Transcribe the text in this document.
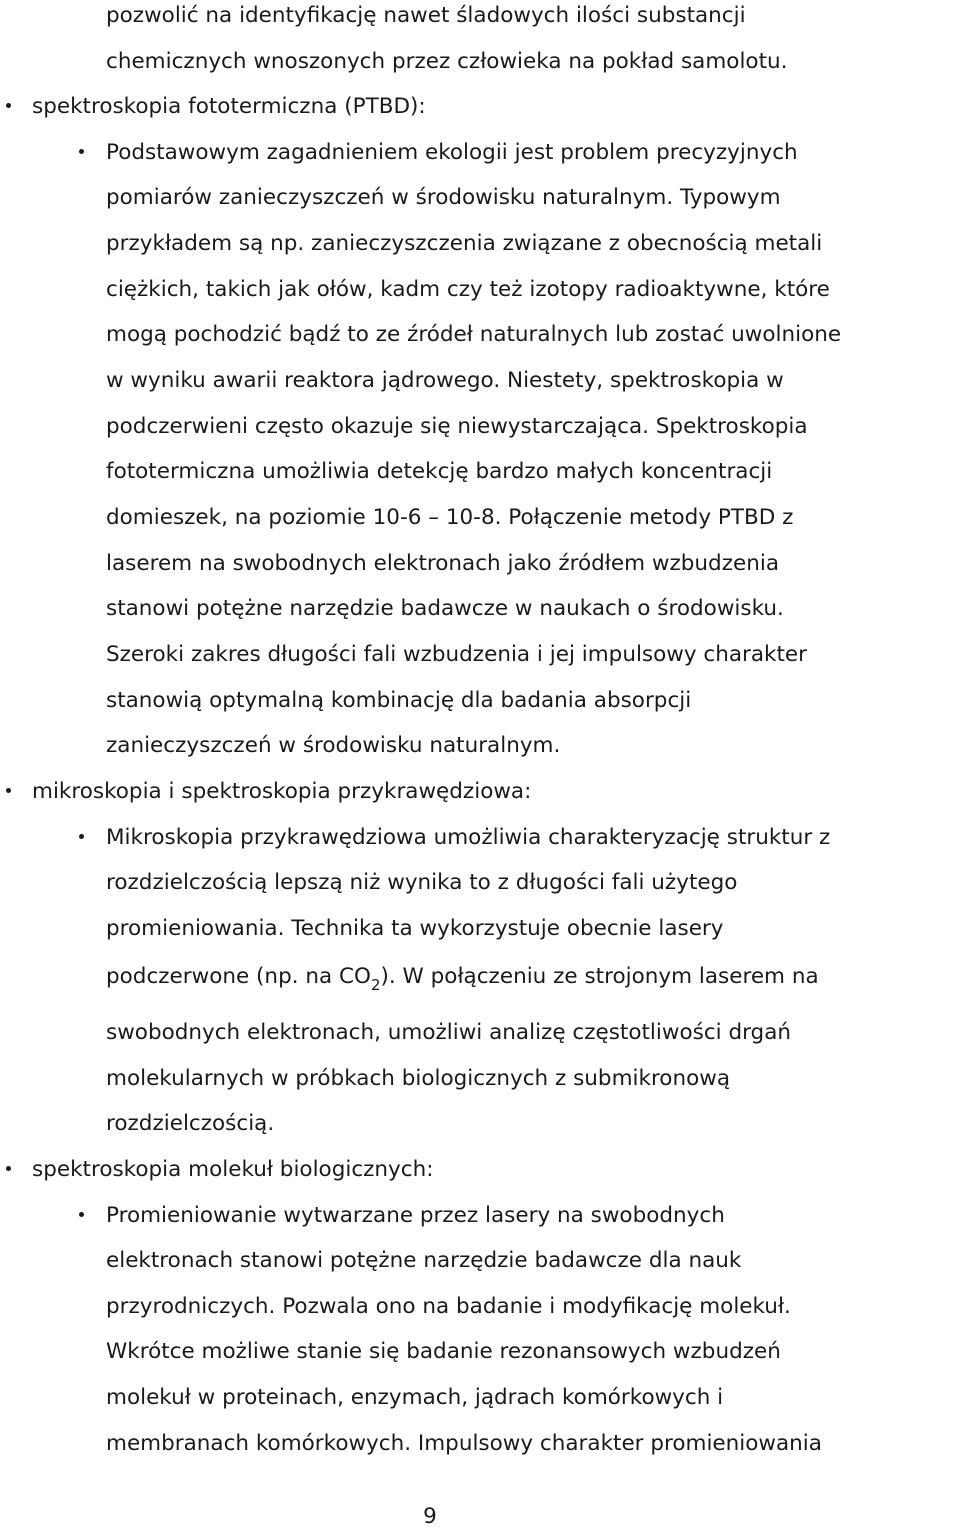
pozwolić na identyfikację nawet śladowych ilości substancji
chemicznych wnoszonych przez człowieka na pokład samolotu.
spektroskopia fototermiczna (PTBD):
Podstawowym zagadnieniem ekologii jest problem precyzyjnych
pomiarów zanieczyszczeń w środowisku naturalnym. Typowym
przykładem są np. zanieczyszczenia związane z obecnością metali
ciężkich, takich jak ołów, kadm czy też izotopy radioaktywne, które
mogą pochodzić bądź to ze źródeł naturalnych lub zostać uwolnione
w wyniku awarii reaktora jądrowego. Niestety, spektroskopia w
podczerwieni często okazuje się niewystarczająca. Spektroskopia
fototermiczna umożliwia detekcję bardzo małych koncentracji
domieszek, na poziomie 10-6 – 10-8. Połączenie metody PTBD z
laserem na swobodnych elektronach jako źródłem wzbudzenia
stanowi potężne narzędzie badawcze w naukach o środowisku.
Szeroki zakres długości fali wzbudzenia i jej impulsowy charakter
stanowią optymalną kombinację dla badania absorpcji
zanieczyszczeń w środowisku naturalnym.
mikroskopia i spektroskopia przykrawędziowa:
Mikroskopia przykrawędziowa umożliwia charakteryzację struktur z
rozdzielczością lepszą niż wynika to z długości fali użytego
promieniowania. Technika ta wykorzystuje obecnie lasery
podczerwone (np. na $CO_2$). W połączeniu ze strojonym laserem na
swobodnych elektronach, umożliwi analizę częstotliwości drgań
molekularnych w próbkach biologicznych z submikronową
rozdzielczością.
spektroskopia molekuł biologicznych:
Promieniowanie wytwarzane przez lasery na swobodnych
elektronach stanowi potężne narzędzie badawcze dla nauk
przyrodniczych. Pozwala ono na badanie i modyfikację molekuł.
Wkrótce możliwe stanie się badanie rezonansowych wzbudzeń
molekuł w proteinach, enzymach, jądrach komórkowych i
membranach komórkowych. Impulsowy charakter promieniowania
9
